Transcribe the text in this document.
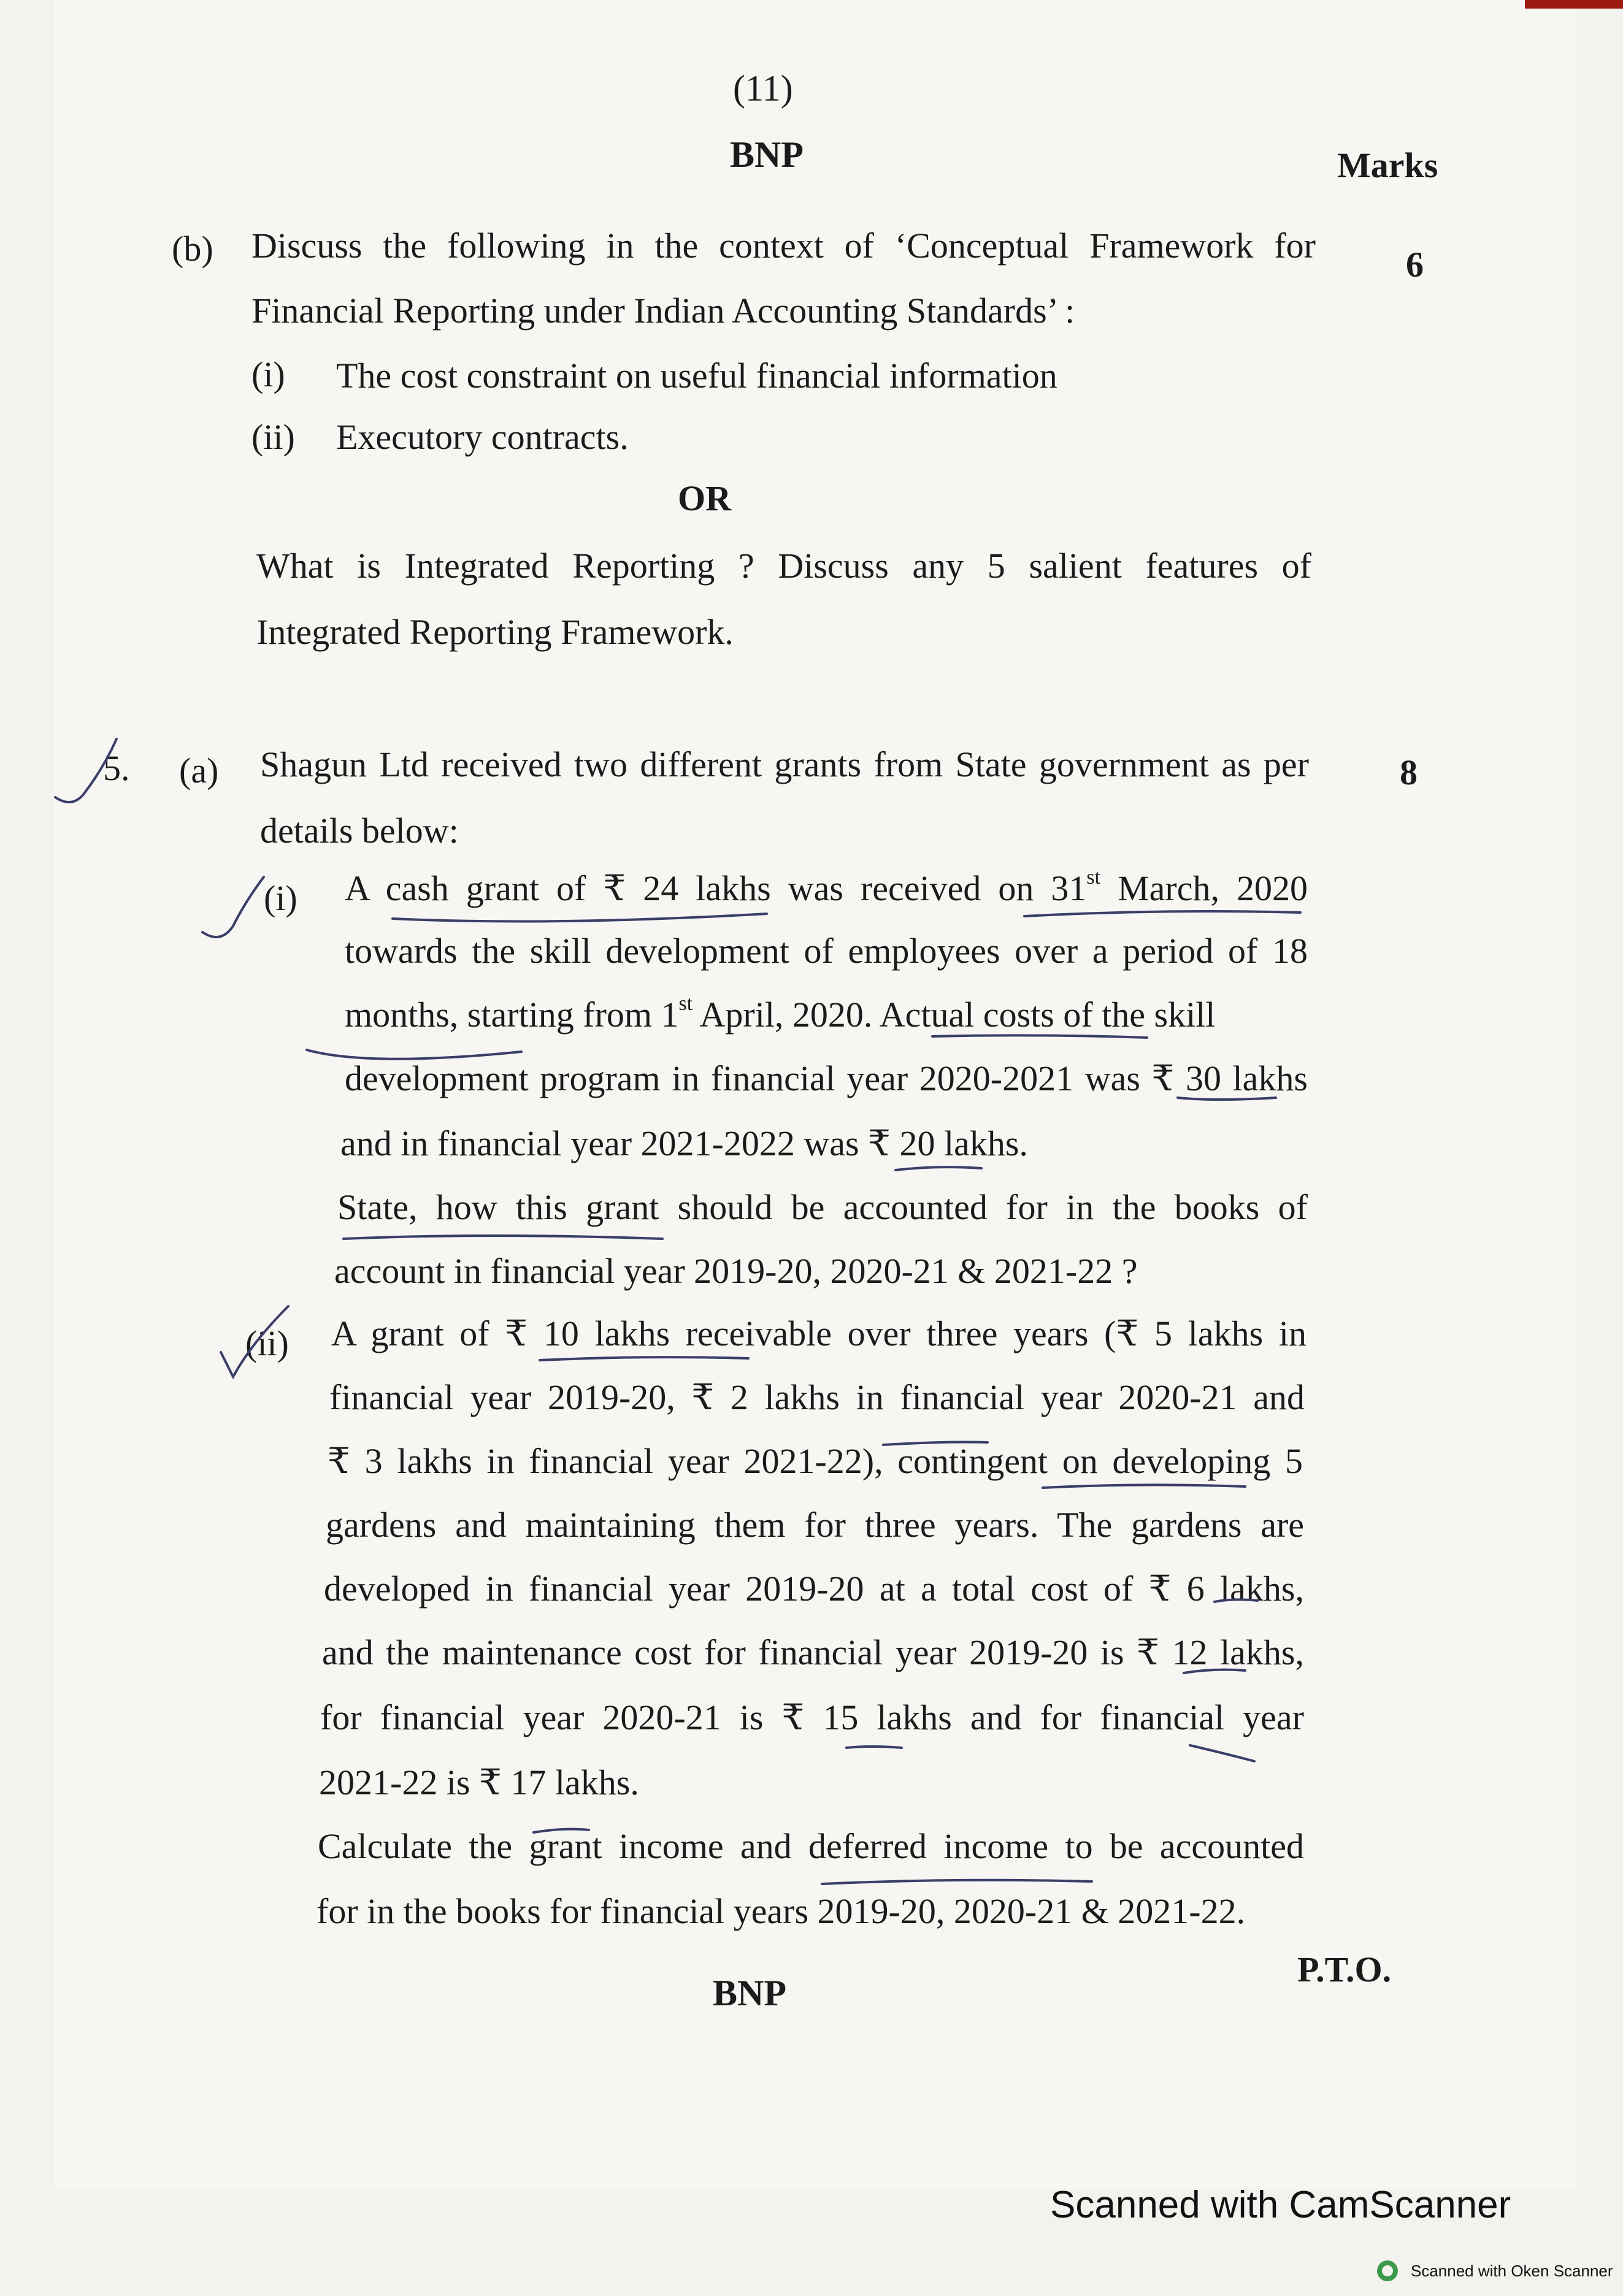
(11)
BNP	Marks
(b) Discuss the following in the context of ‘Conceptual Framework for	6
Financial Reporting under Indian Accounting Standards’ :
(i) The cost constraint on useful financial information
(ii) Executory contracts.
OR
What is Integrated Reporting ? Discuss any 5 salient features of
Integrated Reporting Framework.
5. (a) Shagun Ltd received two different grants from State government as per	8
details below:
(i) A cash grant of ₹ 24 lakhs was received on 31st March, 2020
towards the skill development of employees over a period of 18
months, starting from 1st April, 2020. Actual costs of the skill
development program in financial year 2020-2021 was ₹ 30 lakhs
and in financial year 2021-2022 was ₹ 20 lakhs.
State, how this grant should be accounted for in the books of
account in financial year 2019-20, 2020-21 & 2021-22 ?
(ii) A grant of ₹ 10 lakhs receivable over three years (₹ 5 lakhs in
financial year 2019-20, ₹ 2 lakhs in financial year 2020-21 and
₹ 3 lakhs in financial year 2021-22), contingent on developing 5
gardens and maintaining them for three years. The gardens are
developed in financial year 2019-20 at a total cost of ₹ 6 lakhs,
and the maintenance cost for financial year 2019-20 is ₹ 12 lakhs,
for financial year 2020-21 is ₹ 15 lakhs and for financial year
2021-22 is ₹ 17 lakhs.
Calculate the grant income and deferred income to be accounted
for in the books for financial years 2019-20, 2020-21 & 2021-22.
P.T.O.
BNP
Scanned with CamScanner
Scanned with Oken Scanner
